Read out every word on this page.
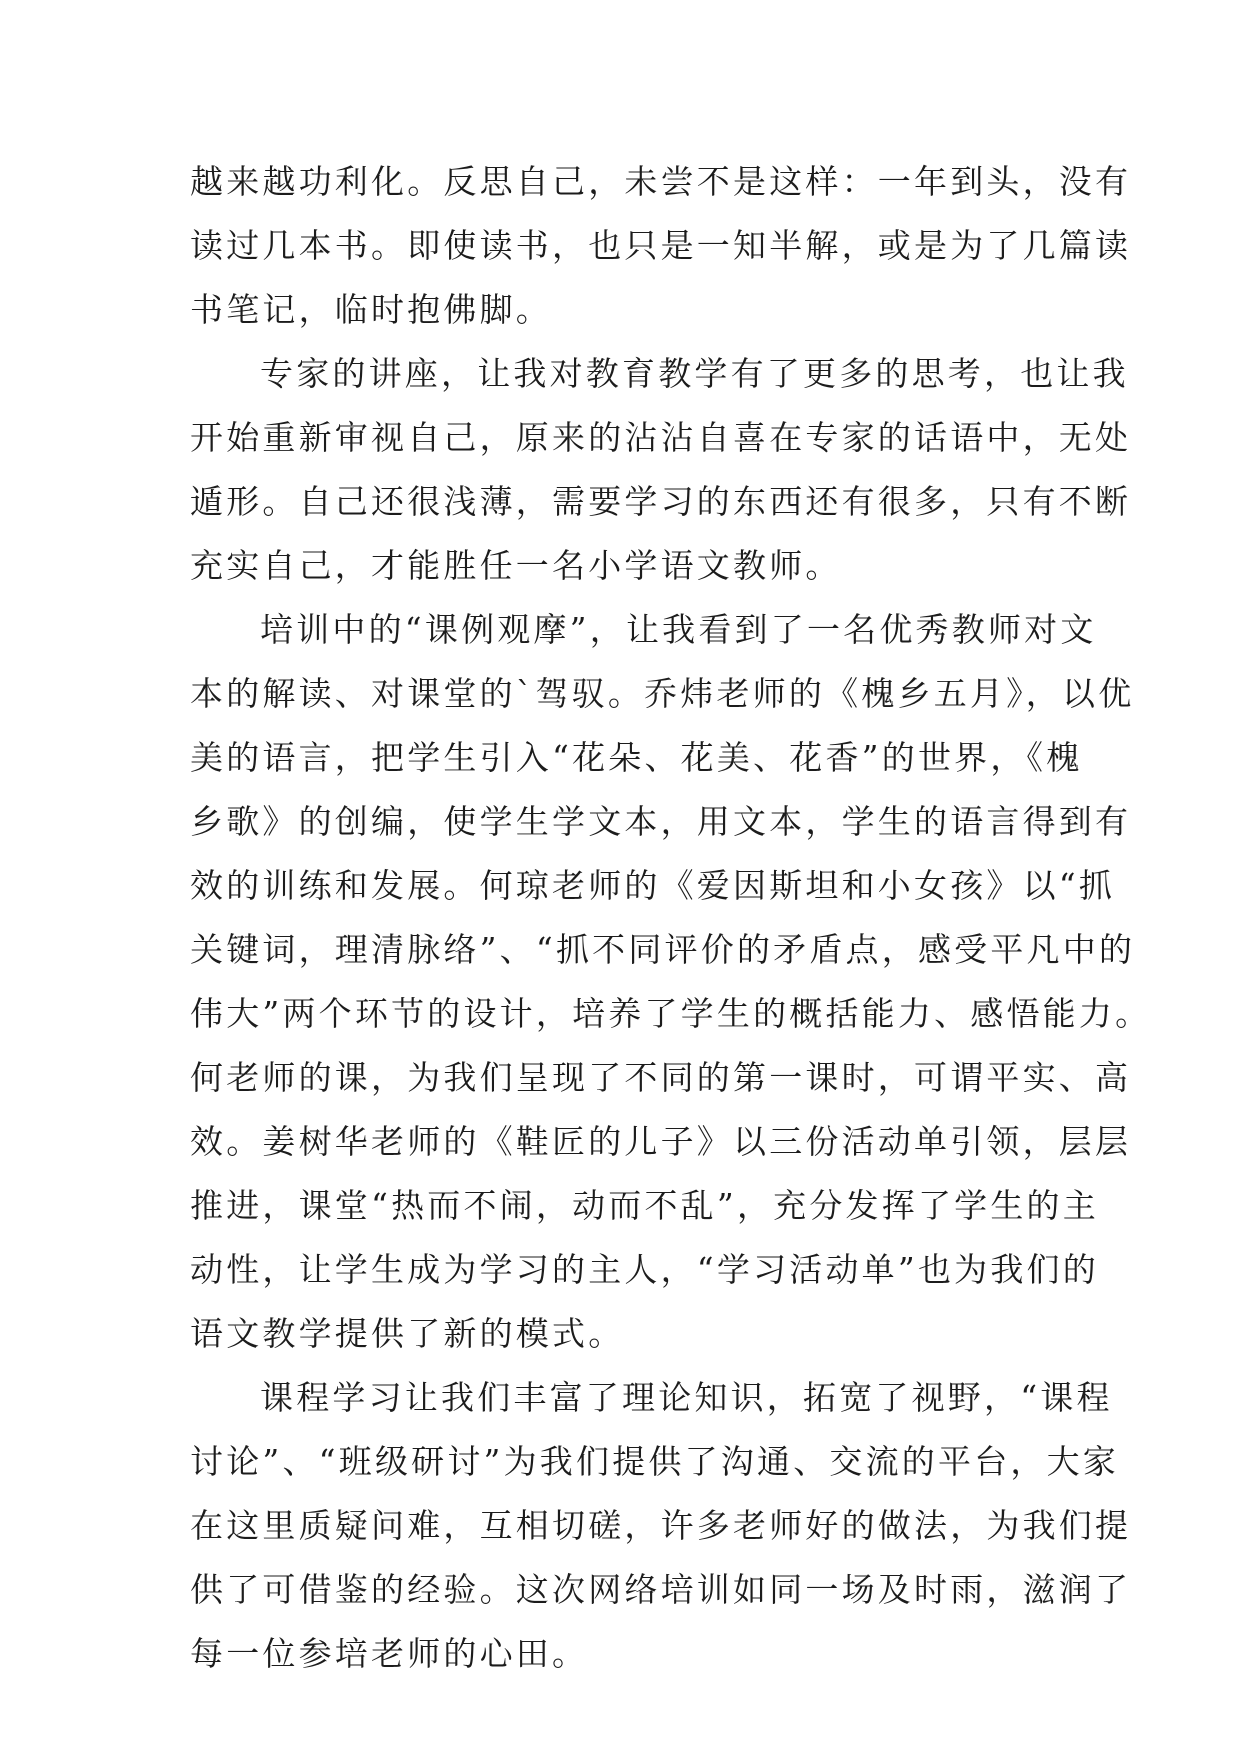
越来越功利化。反思自己，未尝不是这样：一年到头，没有
读过几本书。即使读书，也只是一知半解，或是为了几篇读
书笔记，临时抱佛脚。
专家的讲座，让我对教育教学有了更多的思考，也让我
开始重新审视自己，原来的沾沾自喜在专家的话语中，无处
遁形。自己还很浅薄，需要学习的东西还有很多，只有不断
充实自己，才能胜任一名小学语文教师。
培训中的“课例观摩”，让我看到了一名优秀教师对文
本的解读、对课堂的`驾驭。乔炜老师的《槐乡五月》，以优
美的语言，把学生引入“花朵、花美、花香”的世界，《槐
乡歌》的创编，使学生学文本，用文本，学生的语言得到有
效的训练和发展。何琼老师的《爱因斯坦和小女孩》以“抓
关键词，理清脉络”、“抓不同评价的矛盾点，感受平凡中的
伟大”两个环节的设计，培养了学生的概括能力、感悟能力。
何老师的课，为我们呈现了不同的第一课时，可谓平实、高
效。姜树华老师的《鞋匠的儿子》以三份活动单引领，层层
推进，课堂“热而不闹，动而不乱”，充分发挥了学生的主
动性，让学生成为学习的主人，“学习活动单”也为我们的
语文教学提供了新的模式。
课程学习让我们丰富了理论知识，拓宽了视野，“课程
讨论”、“班级研讨”为我们提供了沟通、交流的平台，大家
在这里质疑问难，互相切磋，许多老师好的做法，为我们提
供了可借鉴的经验。这次网络培训如同一场及时雨，滋润了
每一位参培老师的心田。
